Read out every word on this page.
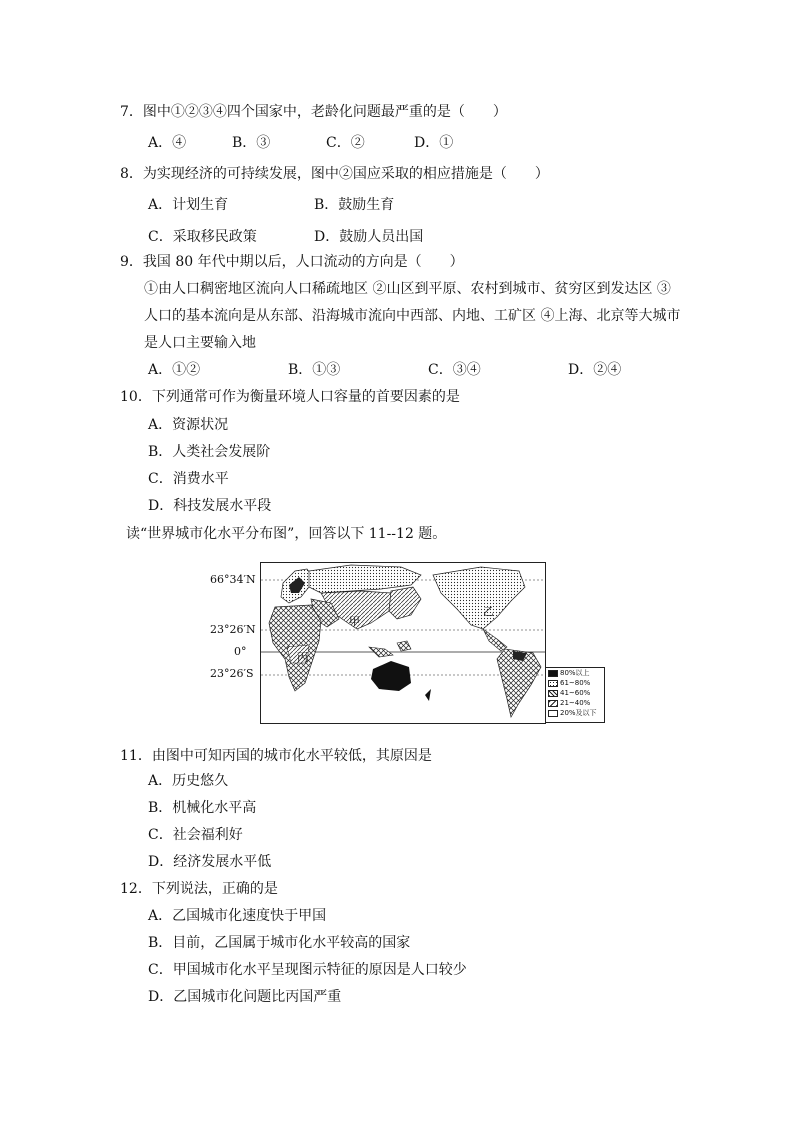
7．图中①②③④四个国家中，老龄化问题最严重的是（　　）
A．④	B．③	C．②	D．①
8．为实现经济的可持续发展，图中②国应采取的相应措施是（　　）
A．计划生育	B．鼓励生育
C．采取移民政策	D．鼓励人员出国
9．我国 80 年代中期以后，人口流动的方向是（　　）
①由人口稠密地区流向人口稀疏地区 ②山区到平原、农村到城市、贫穷区到发达区 ③
人口的基本流向是从东部、沿海城市流向中西部、内地、工矿区 ④上海、北京等大城市
是人口主要输入地
A．①②	B．①③	C．③④	D．②④
10．下列通常可作为衡量环境人口容量的首要因素的是
A．资源状况
B．人类社会发展阶
C．消费水平
D．科技发展水平段
读“世界城市化水平分布图”，回答以下 11--12 题。
66°34′N
23°26′N
0°
23°26′S
甲
乙
丙
80%以上
61~80%
41~60%
21~40%
20%及以下
11．由图中可知丙国的城市化水平较低，其原因是
A．历史悠久
B．机械化水平高
C．社会福利好
D．经济发展水平低
12．下列说法，正确的是
A．乙国城市化速度快于甲国
B．目前，乙国属于城市化水平较高的国家
C．甲国城市化水平呈现图示特征的原因是人口较少
D．乙国城市化问题比丙国严重
